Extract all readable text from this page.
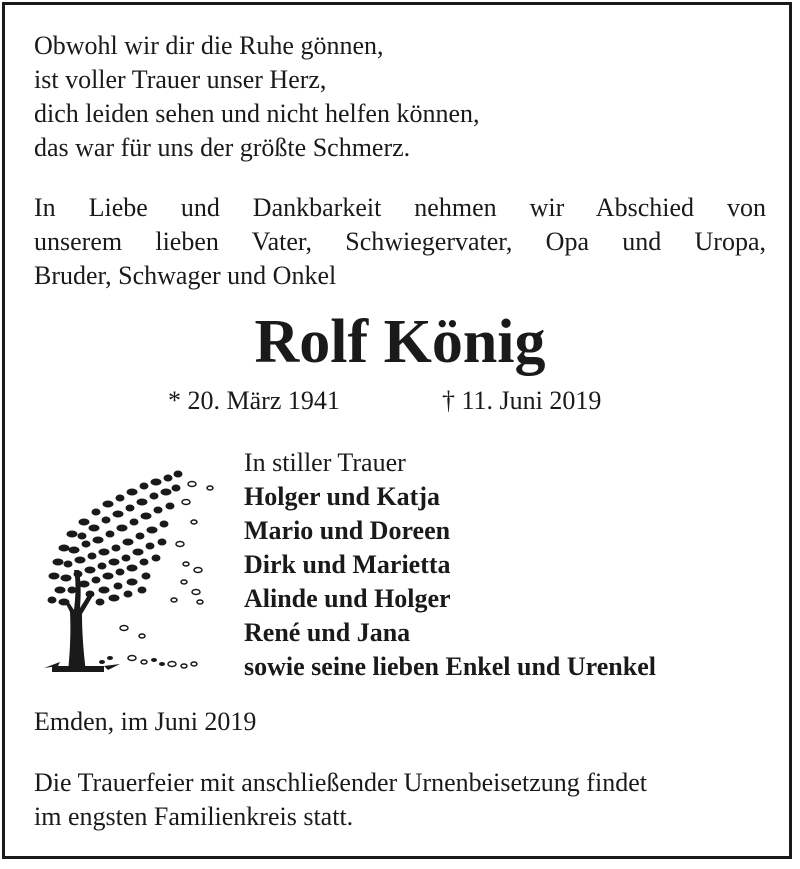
Obwohl wir dir die Ruhe gönnen,
ist voller Trauer unser Herz,
dich leiden sehen und nicht helfen können,
das war für uns der größte Schmerz.
In Liebe und Dankbarkeit nehmen wir Abschied von
unserem lieben Vater, Schwiegervater, Opa und Uropa,
Bruder, Schwager und Onkel
Rolf König
* 20. März 1941	† 11. Juni 2019
In stiller Trauer
Holger und Katja
Mario und Doreen
Dirk und Marietta
Alinde und Holger
René und Jana
sowie seine lieben Enkel und Urenkel
Emden, im Juni 2019
Die Trauerfeier mit anschließender Urnenbeisetzung findet
im engsten Familienkreis statt.
